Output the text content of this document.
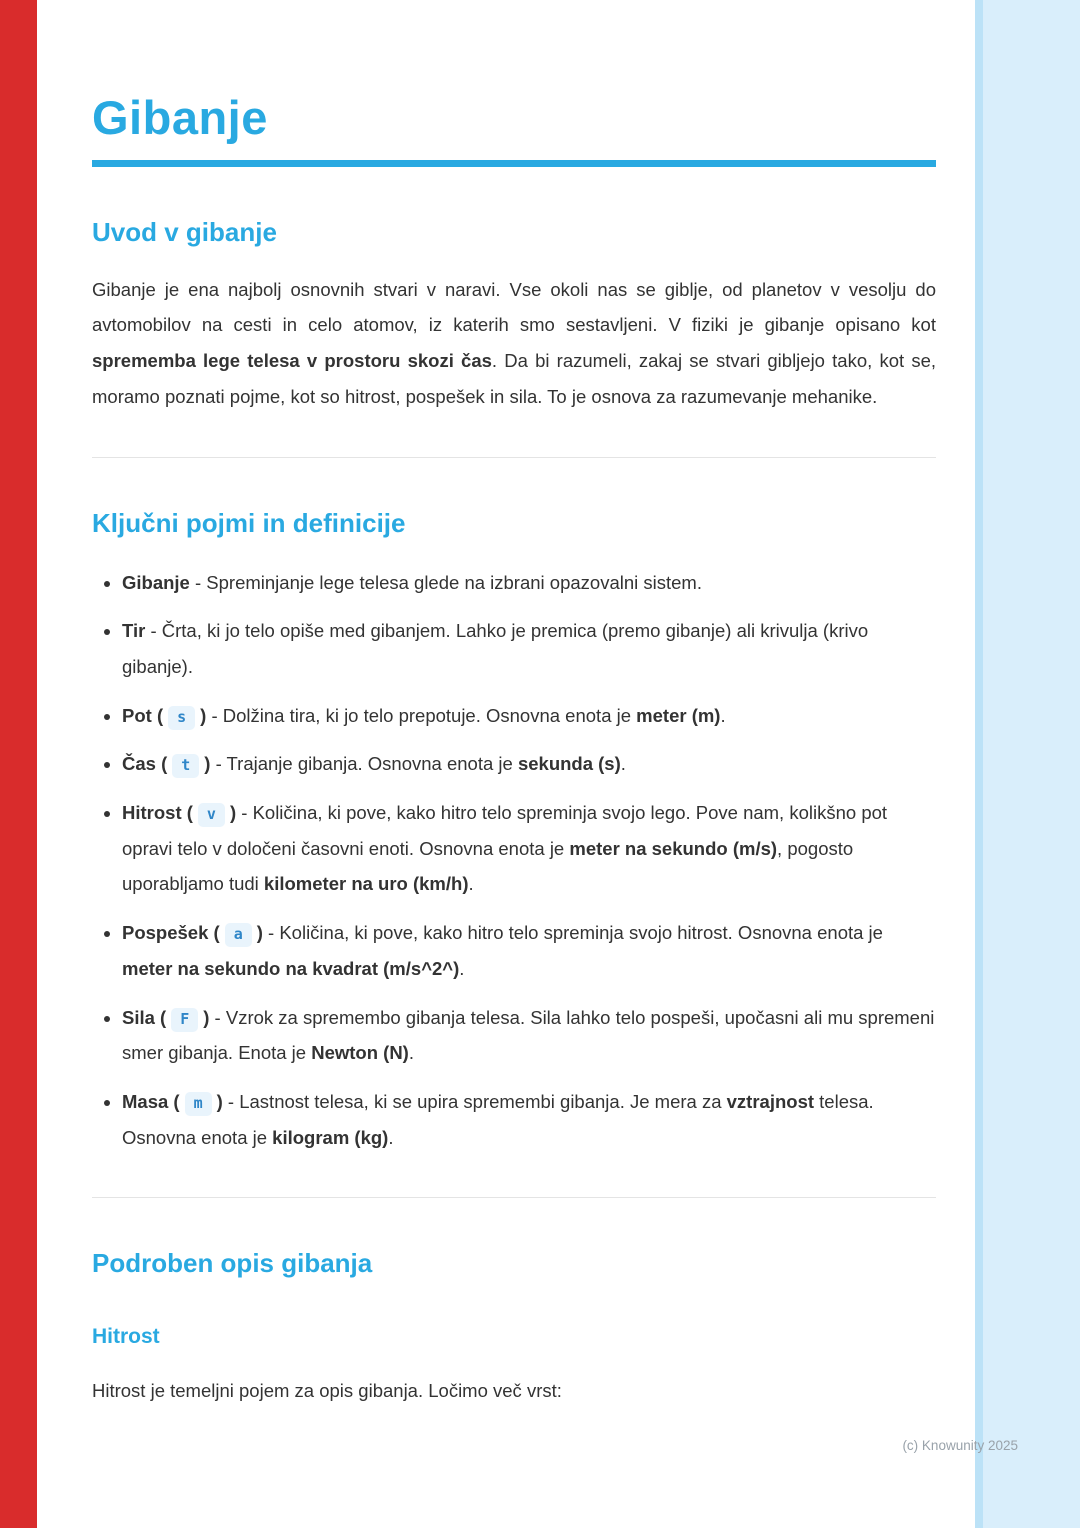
Gibanje
Uvod v gibanje

Gibanje je ena najbolj osnovnih stvari v naravi. Vse okoli nas se giblje, od planetov v vesolju do avtomobilov na cesti in celo atomov, iz katerih smo sestavljeni. V fiziki je gibanje opisano kot sprememba lege telesa v prostoru skozi čas. Da bi razumeli, zakaj se stvari gibljejo tako, kot se, moramo poznati pojme, kot so hitrost, pospešek in sila. To je osnova za razumevanje mehanike.

Ključni pojmi in definicije
• Gibanje - Spreminjanje lege telesa glede na izbrani opazovalni sistem.
• Tir - Črta, ki jo telo opiše med gibanjem. Lahko je premica (premo gibanje) ali krivulja (krivo gibanje).
• Pot ( s ) - Dolžina tira, ki jo telo prepotuje. Osnovna enota je meter (m).
• Čas ( t ) - Trajanje gibanja. Osnovna enota je sekunda (s).
• Hitrost ( v ) - Količina, ki pove, kako hitro telo spreminja svojo lego. Pove nam, kolikšno pot opravi telo v določeni časovni enoti. Osnovna enota je meter na sekundo (m/s), pogosto uporabljamo tudi kilometer na uro (km/h).
• Pospešek ( a ) - Količina, ki pove, kako hitro telo spreminja svojo hitrost. Osnovna enota je meter na sekundo na kvadrat (m/s^2^).
• Sila ( F ) - Vzrok za spremembo gibanja telesa. Sila lahko telo pospeši, upočasni ali mu spremeni smer gibanja. Enota je Newton (N).
• Masa ( m ) - Lastnost telesa, ki se upira spremembi gibanja. Je mera za vztrajnost telesa. Osnovna enota je kilogram (kg).
Podroben opis gibanja
Hitrost

Hitrost je temeljni pojem za opis gibanja. Ločimo več vrst:

(c) Knowunity 2025
